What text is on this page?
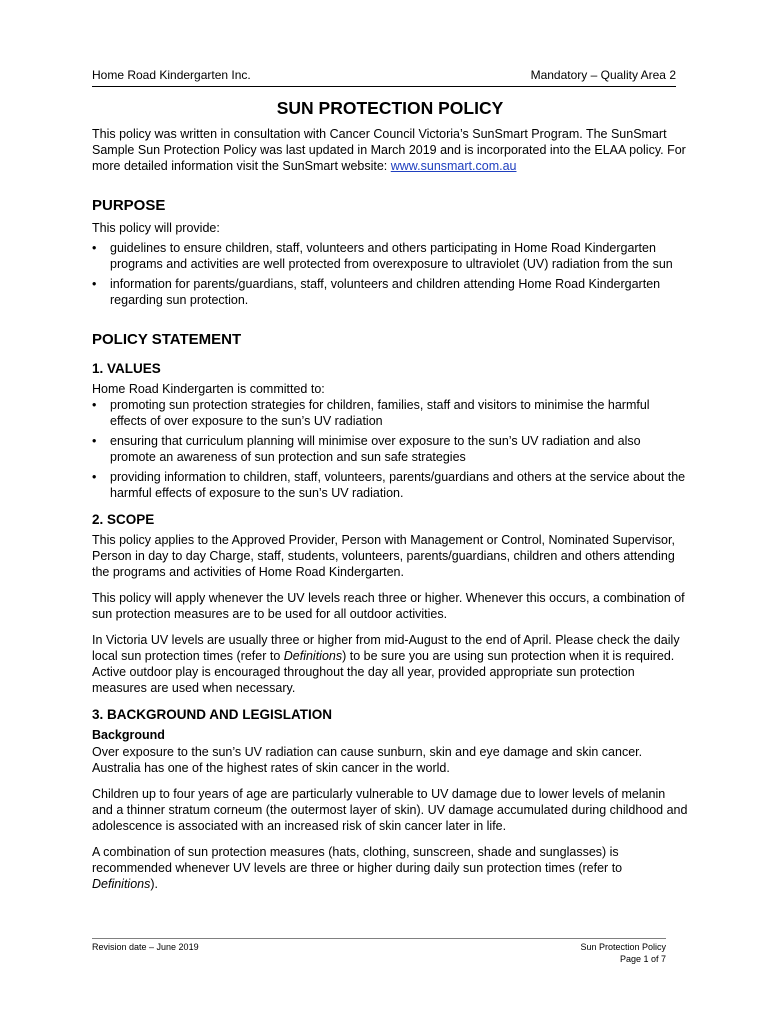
Home Road Kindergarten Inc.	Mandatory – Quality Area 2
SUN PROTECTION POLICY

This policy was written in consultation with Cancer Council Victoria’s SunSmart Program. The SunSmart Sample Sun Protection Policy was last updated in March 2019 and is incorporated into the ELAA policy. For more detailed information visit the SunSmart website: www.sunsmart.com.au

PURPOSE

This policy will provide:

•	guidelines to ensure children, staff, volunteers and others participating in Home Road Kindergarten programs and activities are well protected from overexposure to ultraviolet (UV) radiation from the sun
•	information for parents/guardians, staff, volunteers and children attending Home Road Kindergarten regarding sun protection.
POLICY STATEMENT
1. VALUES

Home Road Kindergarten is committed to:

•	promoting sun protection strategies for children, families, staff and visitors to minimise the harmful effects of over exposure to the sun’s UV radiation
•	ensuring that curriculum planning will minimise over exposure to the sun’s UV radiation and also promote an awareness of sun protection and sun safe strategies
•	providing information to children, staff, volunteers, parents/guardians and others at the service about the harmful effects of exposure to the sun’s UV radiation.
2. SCOPE

This policy applies to the Approved Provider, Person with Management or Control, Nominated Supervisor, Person in day to day Charge, staff, students, volunteers, parents/guardians, children and others attending the programs and activities of Home Road Kindergarten.

This policy will apply whenever the UV levels reach three or higher. Whenever this occurs, a combination of sun protection measures are to be used for all outdoor activities.

In Victoria UV levels are usually three or higher from mid-August to the end of April. Please check the daily local sun protection times (refer to Definitions) to be sure you are using sun protection when it is required. Active outdoor play is encouraged throughout the day all year, provided appropriate sun protection measures are used when necessary.

3. BACKGROUND AND LEGISLATION
Background

Over exposure to the sun’s UV radiation can cause sunburn, skin and eye damage and skin cancer. Australia has one of the highest rates of skin cancer in the world.

Children up to four years of age are particularly vulnerable to UV damage due to lower levels of melanin and a thinner stratum corneum (the outermost layer of skin). UV damage accumulated during childhood and adolescence is associated with an increased risk of skin cancer later in life.

A combination of sun protection measures (hats, clothing, sunscreen, shade and sunglasses) is recommended whenever UV levels are three or higher during daily sun protection times (refer to Definitions).

Revision date – June 2019	Sun Protection Policy
Page 1 of 7
